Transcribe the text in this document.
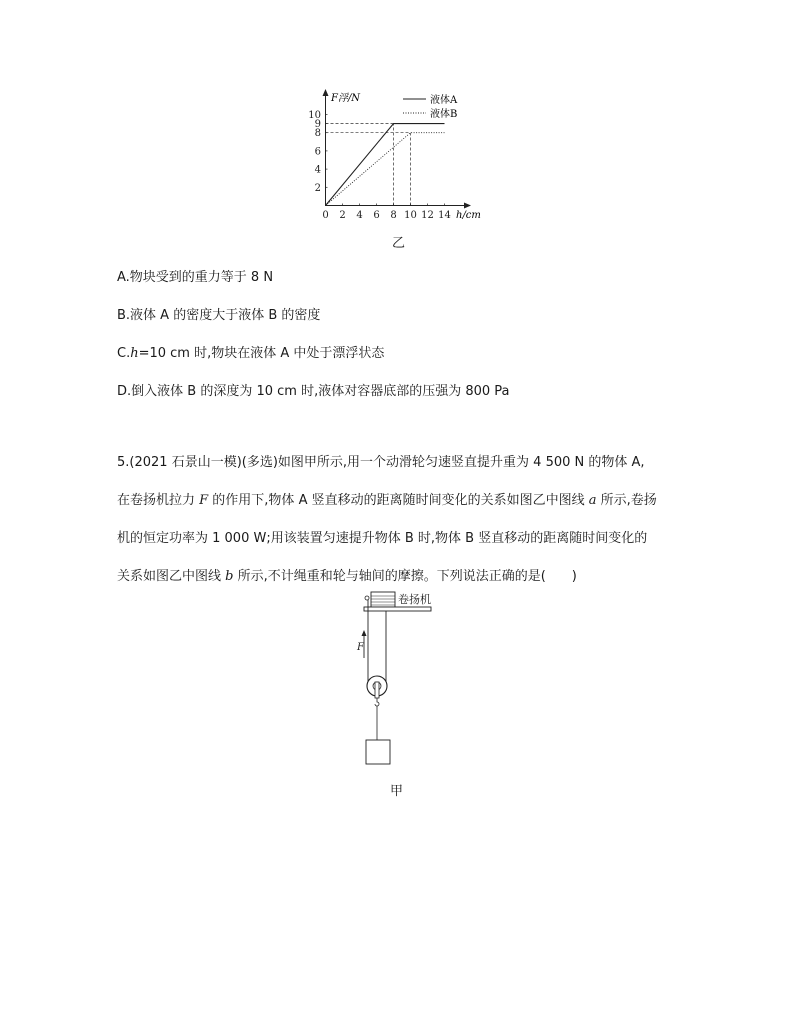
F浮/N
h/cm
液体A
液体B
0 2 4 6 8 10 12 14
2
4
6
8
9
10
乙
A.物块受到的重力等于 8 N
B.液体 A 的密度大于液体 B 的密度
C.h=10 cm 时,物块在液体 A 中处于漂浮状态
D.倒入液体 B 的深度为 10 cm 时,液体对容器底部的压强为 800 Pa
5.(2021 石景山一模)(多选)如图甲所示,用一个动滑轮匀速竖直提升重为 4 500 N 的物体 A,
在卷扬机拉力 F 的作用下,物体 A 竖直移动的距离随时间变化的关系如图乙中图线 a 所示,卷扬
机的恒定功率为 1 000 W;用该装置匀速提升物体 B 时,物体 B 竖直移动的距离随时间变化的
关系如图乙中图线 b 所示,不计绳重和轮与轴间的摩擦。下列说法正确的是(　　)
卷扬机
F
甲
